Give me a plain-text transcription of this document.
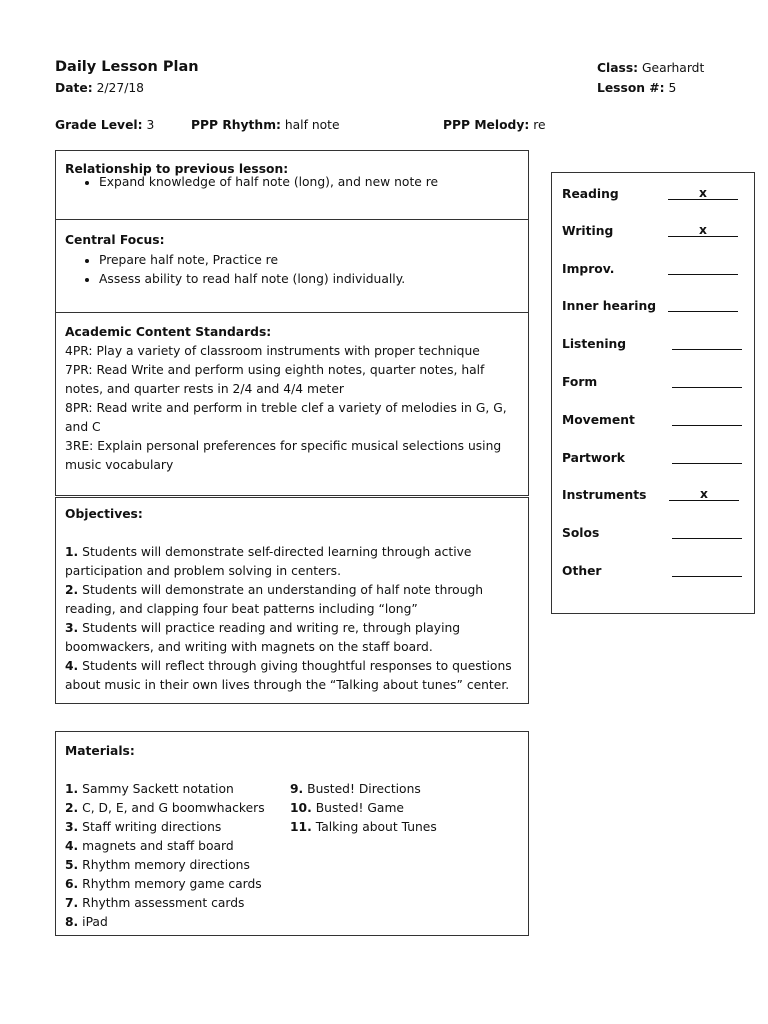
Daily Lesson Plan
Date: 2/27/18
Class: Gearhardt
Lesson #: 5
Grade Level: 3	PPP Rhythm: half note	PPP Melody: re
Relationship to previous lesson:
• Expand knowledge of half note (long), and new note re
Central Focus:
• Prepare half note, Practice re
• Assess ability to read half note (long) individually.
Academic Content Standards:
4PR: Play a variety of classroom instruments with proper technique
7PR: Read Write and perform using eighth notes, quarter notes, half
notes, and quarter rests in 2/4 and 4/4 meter
8PR: Read write and perform in treble clef a variety of melodies in G, G,
and C
3RE: Explain personal preferences for specific musical selections using
music vocabulary
Objectives:
1. Students will demonstrate self-directed learning through active
participation and problem solving in centers.
2. Students will demonstrate an understanding of half note through
reading, and clapping four beat patterns including “long”
3. Students will practice reading and writing re, through playing
boomwackers, and writing with magnets on the staff board.
4. Students will reflect through giving thoughtful responses to questions
about music in their own lives through the “Talking about tunes” center.
Materials:
1. Sammy Sackett notation
2. C, D, E, and G boomwhackers
3. Staff writing directions
4. magnets and staff board
5. Rhythm memory directions
6. Rhythm memory game cards
7. Rhythm assessment cards
8. iPad
9. Busted! Directions
10. Busted! Game
11. Talking about Tunes
Reading	x
Writing	x
Improv.
Inner hearing
Listening
Form
Movement
Partwork
Instruments	x
Solos
Other
